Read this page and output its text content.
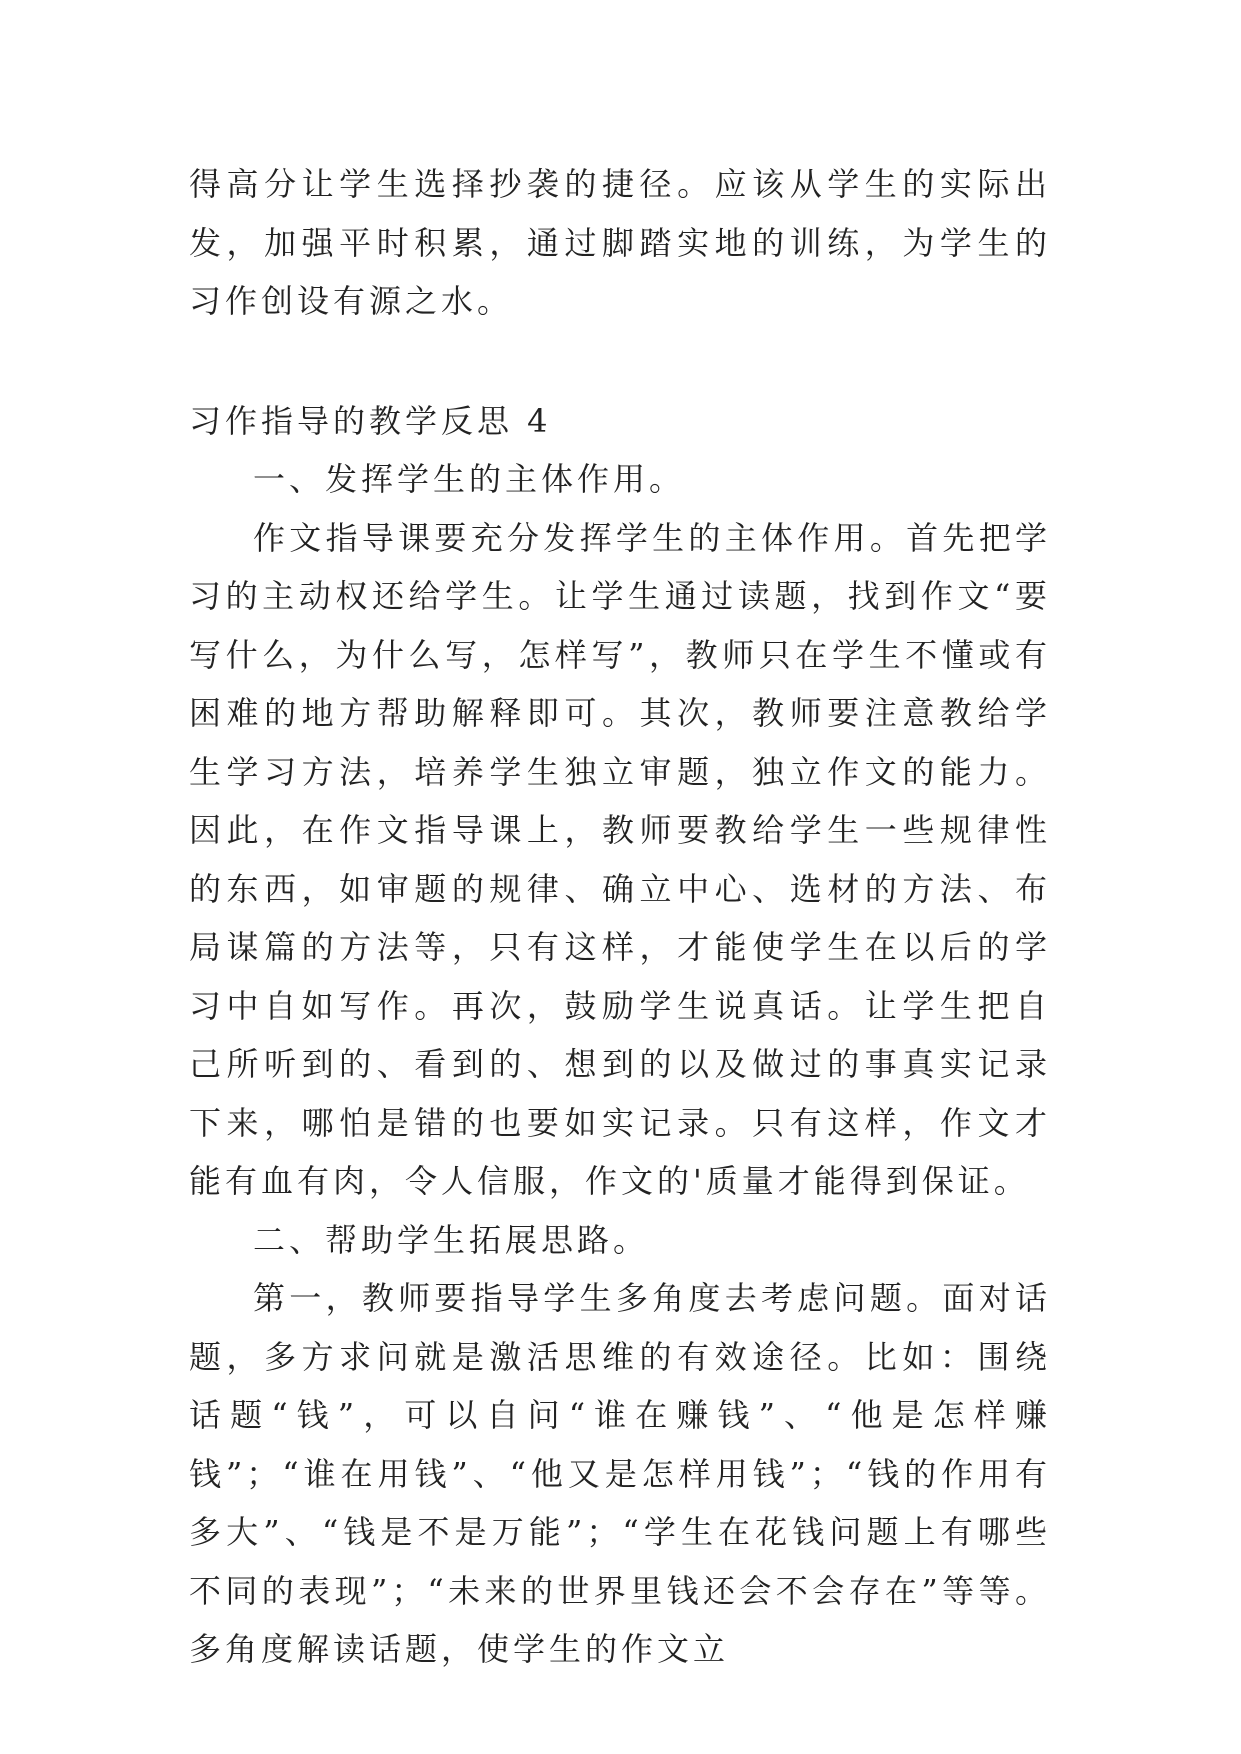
得高分让学生选择抄袭的捷径。应该从学生的实际出发，加强平时积累，通过脚踏实地的训练，为学生的习作创设有源之水。

习作指导的教学反思 4

一、发挥学生的主体作用。

作文指导课要充分发挥学生的主体作用。首先把学习的主动权还给学生。让学生通过读题，找到作文“要写什么，为什么写，怎样写”，教师只在学生不懂或有困难的地方帮助解释即可。其次，教师要注意教给学生学习方法，培养学生独立审题，独立作文的能力。因此，在作文指导课上，教师要教给学生一些规律性的东西，如审题的规律、确立中心、选材的方法、布局谋篇的方法等，只有这样，才能使学生在以后的学习中自如写作。再次，鼓励学生说真话。让学生把自己所听到的、看到的、想到的以及做过的事真实记录下来，哪怕是错的也要如实记录。只有这样，作文才能有血有肉，令人信服，作文的'质量才能得到保证。

二、帮助学生拓展思路。

第一，教师要指导学生多角度去考虑问题。面对话题，多方求问就是激活思维的有效途径。比如：围绕话题“钱”，可以自问“谁在赚钱”、“他是怎样赚钱”；“谁在用钱”、“他又是怎样用钱”；“钱的作用有多大”、“钱是不是万能”；“学生在花钱问题上有哪些不同的表现”；“未来的世界里钱还会不会存在”等等。多角度解读话题，使学生的作文立
